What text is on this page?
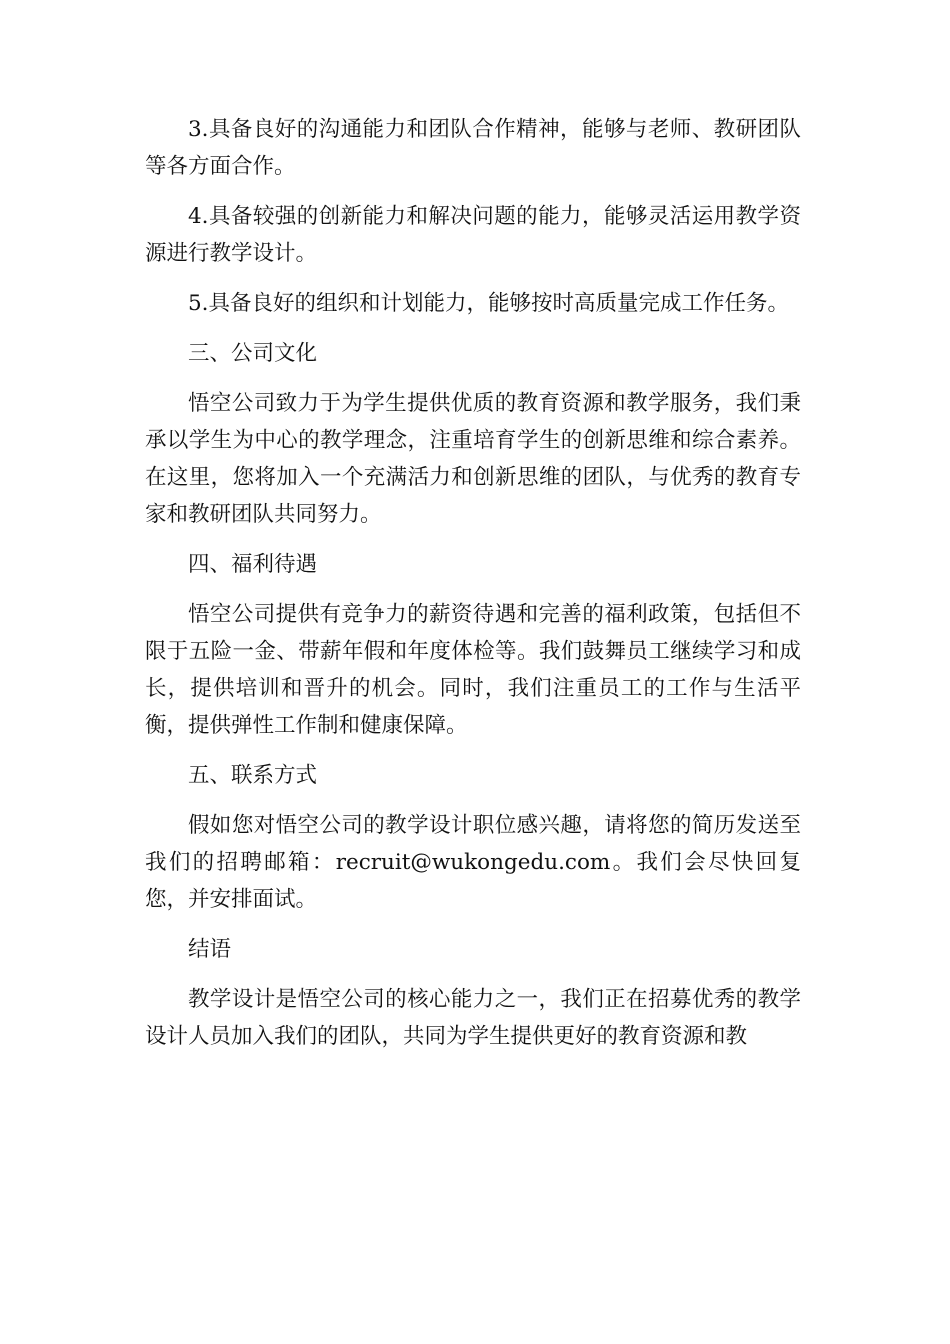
3.具备良好的沟通能力和团队合作精神，能够与老师、教研团队等各方面合作。

4.具备较强的创新能力和解决问题的能力，能够灵活运用教学资源进行教学设计。

5.具备良好的组织和计划能力，能够按时高质量完成工作任务。

三、公司文化

悟空公司致力于为学生提供优质的教育资源和教学服务，我们秉承以学生为中心的教学理念，注重培育学生的创新思维和综合素养。在这里，您将加入一个充满活力和创新思维的团队，与优秀的教育专家和教研团队共同努力。

四、福利待遇

悟空公司提供有竞争力的薪资待遇和完善的福利政策，包括但不限于五险一金、带薪年假和年度体检等。我们鼓舞员工继续学习和成长，提供培训和晋升的机会。同时，我们注重员工的工作与生活平衡，提供弹性工作制和健康保障。

五、联系方式

假如您对悟空公司的教学设计职位感兴趣，请将您的简历发送至我们的招聘邮箱：recruit@wukongedu.com。我们会尽快回复您，并安排面试。

结语

教学设计是悟空公司的核心能力之一，我们正在招募优秀的教学设计人员加入我们的团队，共同为学生提供更好的教育资源和教
